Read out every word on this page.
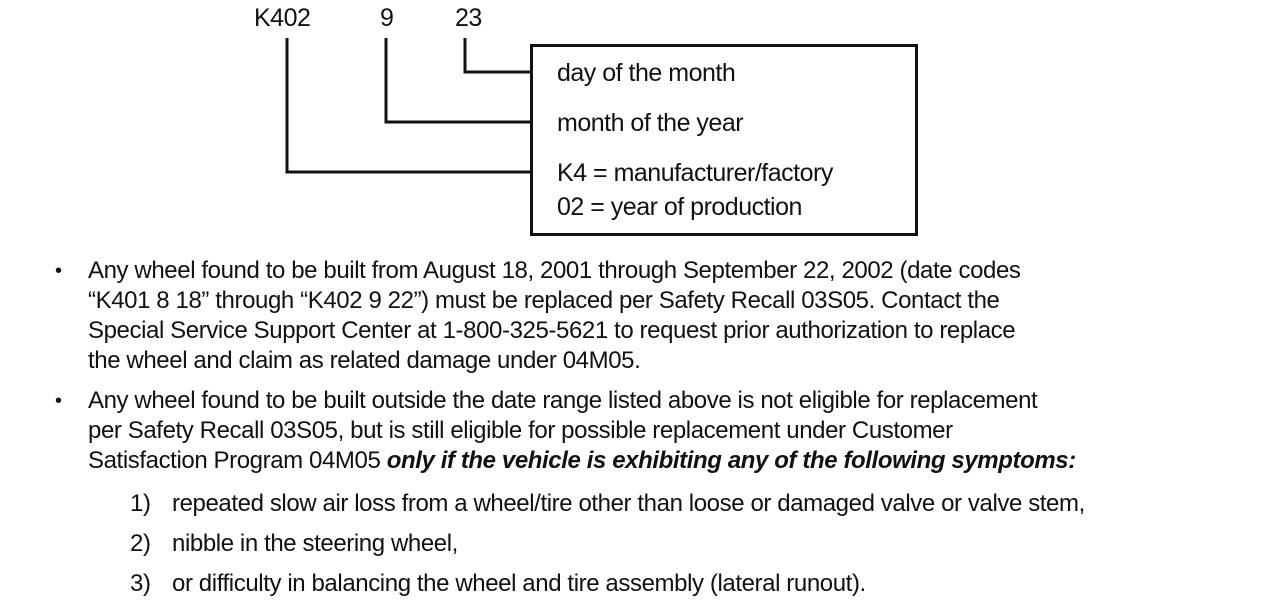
K402	9 23
day of the month
month of the year
K4 = manufacturer/factory
02 = year of production
• Any wheel found to be built from August 18, 2001 through September 22, 2002 (date codes
“K401 8 18” through “K402 9 22”) must be replaced per Safety Recall 03S05. Contact the
Special Service Support Center at 1-800-325-5621 to request prior authorization to replace
the wheel and claim as related damage under 04M05.
• Any wheel found to be built outside the date range listed above is not eligible for replacement
per Safety Recall 03S05, but is still eligible for possible replacement under Customer
Satisfaction Program 04M05 only if the vehicle is exhibiting any of the following symptoms:
1) repeated slow air loss from a wheel/tire other than loose or damaged valve or valve stem,
2) nibble in the steering wheel,
3) or difficulty in balancing the wheel and tire assembly (lateral runout).
